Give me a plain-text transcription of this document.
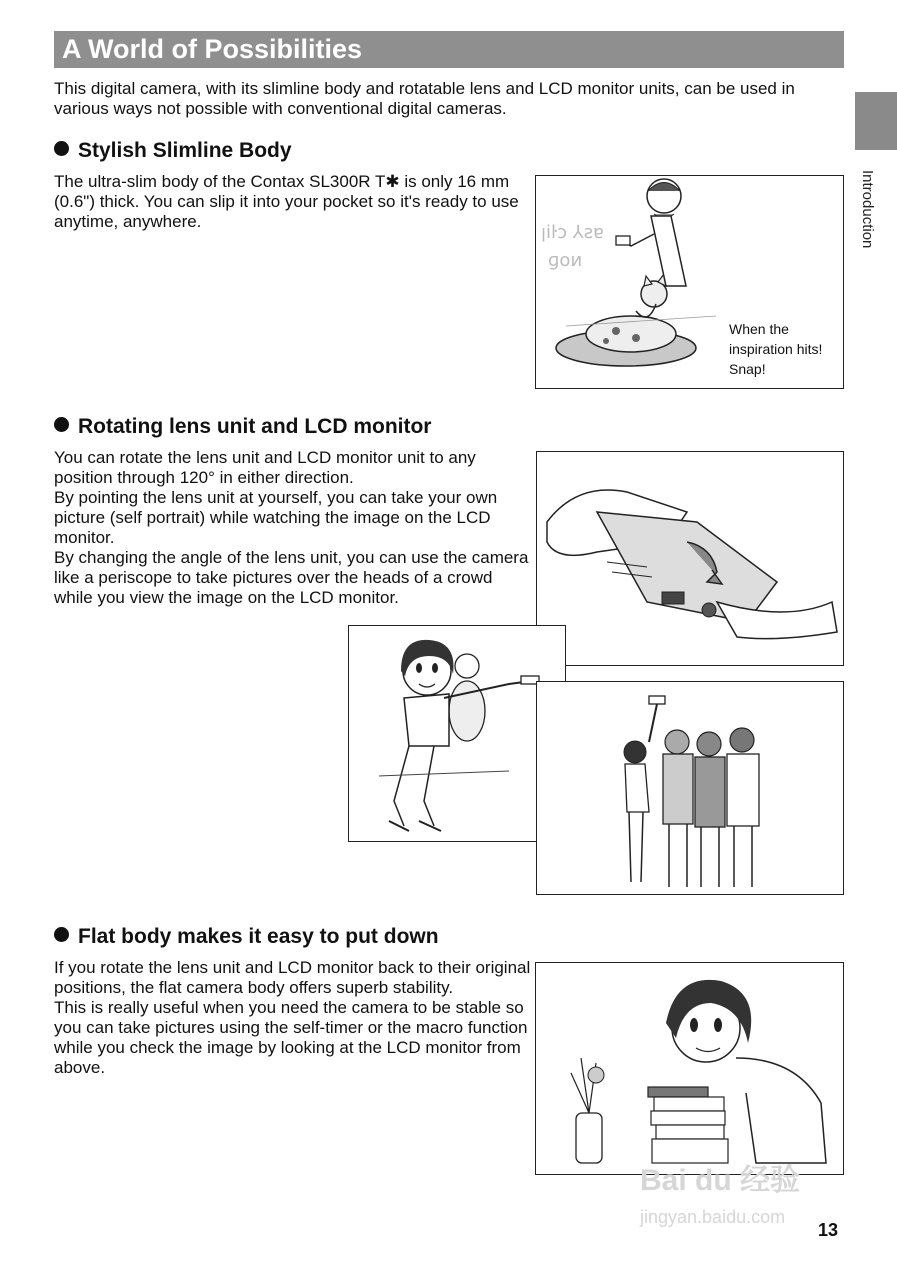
A World of Possibilities
Introduction

This digital camera, with its slimline body and rotatable lens and LCD monitor units, can be used in various ways not possible with conventional digital cameras.

Stylish Slimline Body

The ultra-slim body of the Contax SL300R T✱ is only 16 mm (0.6") thick. You can slip it into your pocket so it's ready to use anytime, anywhere.

ꞁiŀɔ ⅄ƨɐ
ɡoᴎ

When the

inspiration hits!

Snap!

Rotating lens unit and LCD monitor

You can rotate the lens unit and LCD monitor unit to any position through 120° in either direction.

By pointing the lens unit at yourself, you can take your own picture (self portrait) while watching the image on the LCD monitor.

By changing the angle of the lens unit, you can use the camera like a periscope to take pictures over the heads of a crowd while you view the image on the LCD monitor.

Flat body makes it easy to put down

If you rotate the lens unit and LCD monitor back to their original positions, the flat camera body offers superb stability.

This is really useful when you need the camera to be stable so you can take pictures using the self-timer or the macro function while you check the image by looking at the LCD monitor from above.

Bai du 经验
jingyan.baidu.com
13
